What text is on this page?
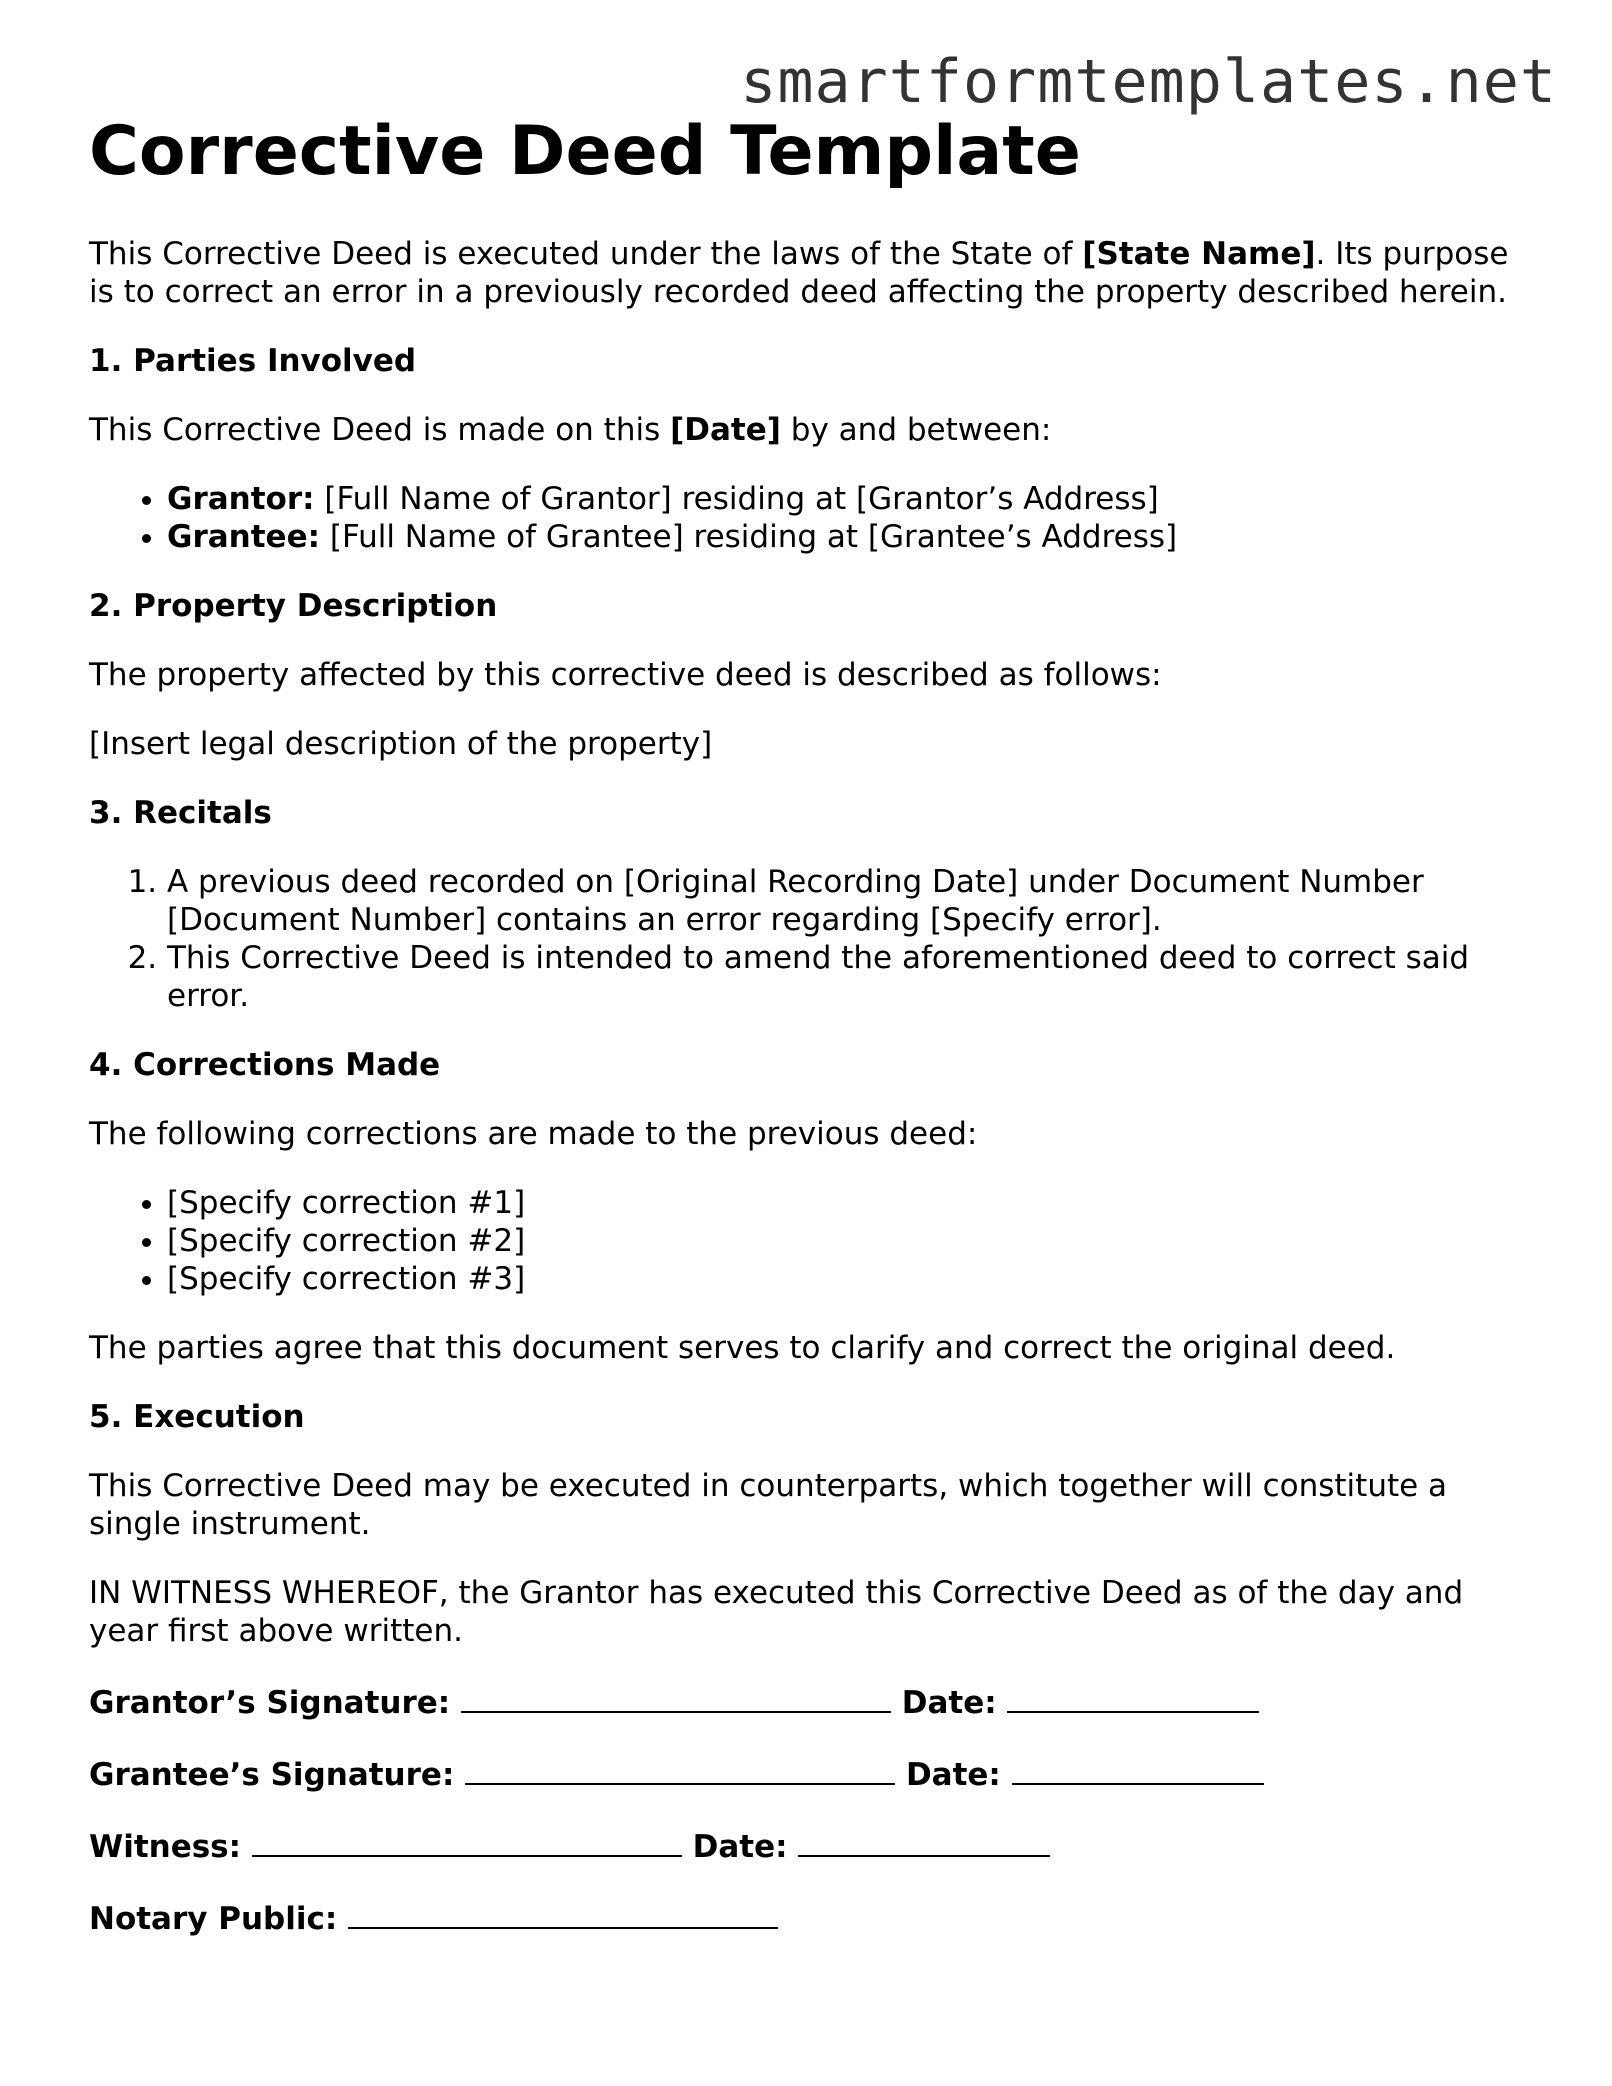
smartformtemplates.net
Corrective Deed Template

This Corrective Deed is executed under the laws of the State of [State Name]. Its purpose is to correct an error in a previously recorded deed affecting the property described herein.

1. Parties Involved

This Corrective Deed is made on this [Date] by and between:

• Grantor: [Full Name of Grantor] residing at [Grantor’s Address]
• Grantee: [Full Name of Grantee] residing at [Grantee’s Address]
2. Property Description

The property affected by this corrective deed is described as follows:

[Insert legal description of the property]

3. Recitals
1. A previous deed recorded on [Original Recording Date] under Document Number [Document Number] contains an error regarding [Specify error].
2. This Corrective Deed is intended to amend the aforementioned deed to correct said error.
4. Corrections Made

The following corrections are made to the previous deed:

• [Specify correction #1]
• [Specify correction #2]
• [Specify correction #3]

The parties agree that this document serves to clarify and correct the original deed.

5. Execution

This Corrective Deed may be executed in counterparts, which together will constitute a single instrument.

IN WITNESS WHEREOF, the Grantor has executed this Corrective Deed as of the day and year first above written.

Grantor’s Signature:	Date:
Grantee’s Signature:	Date:
Witness:	Date:
Notary Public:
